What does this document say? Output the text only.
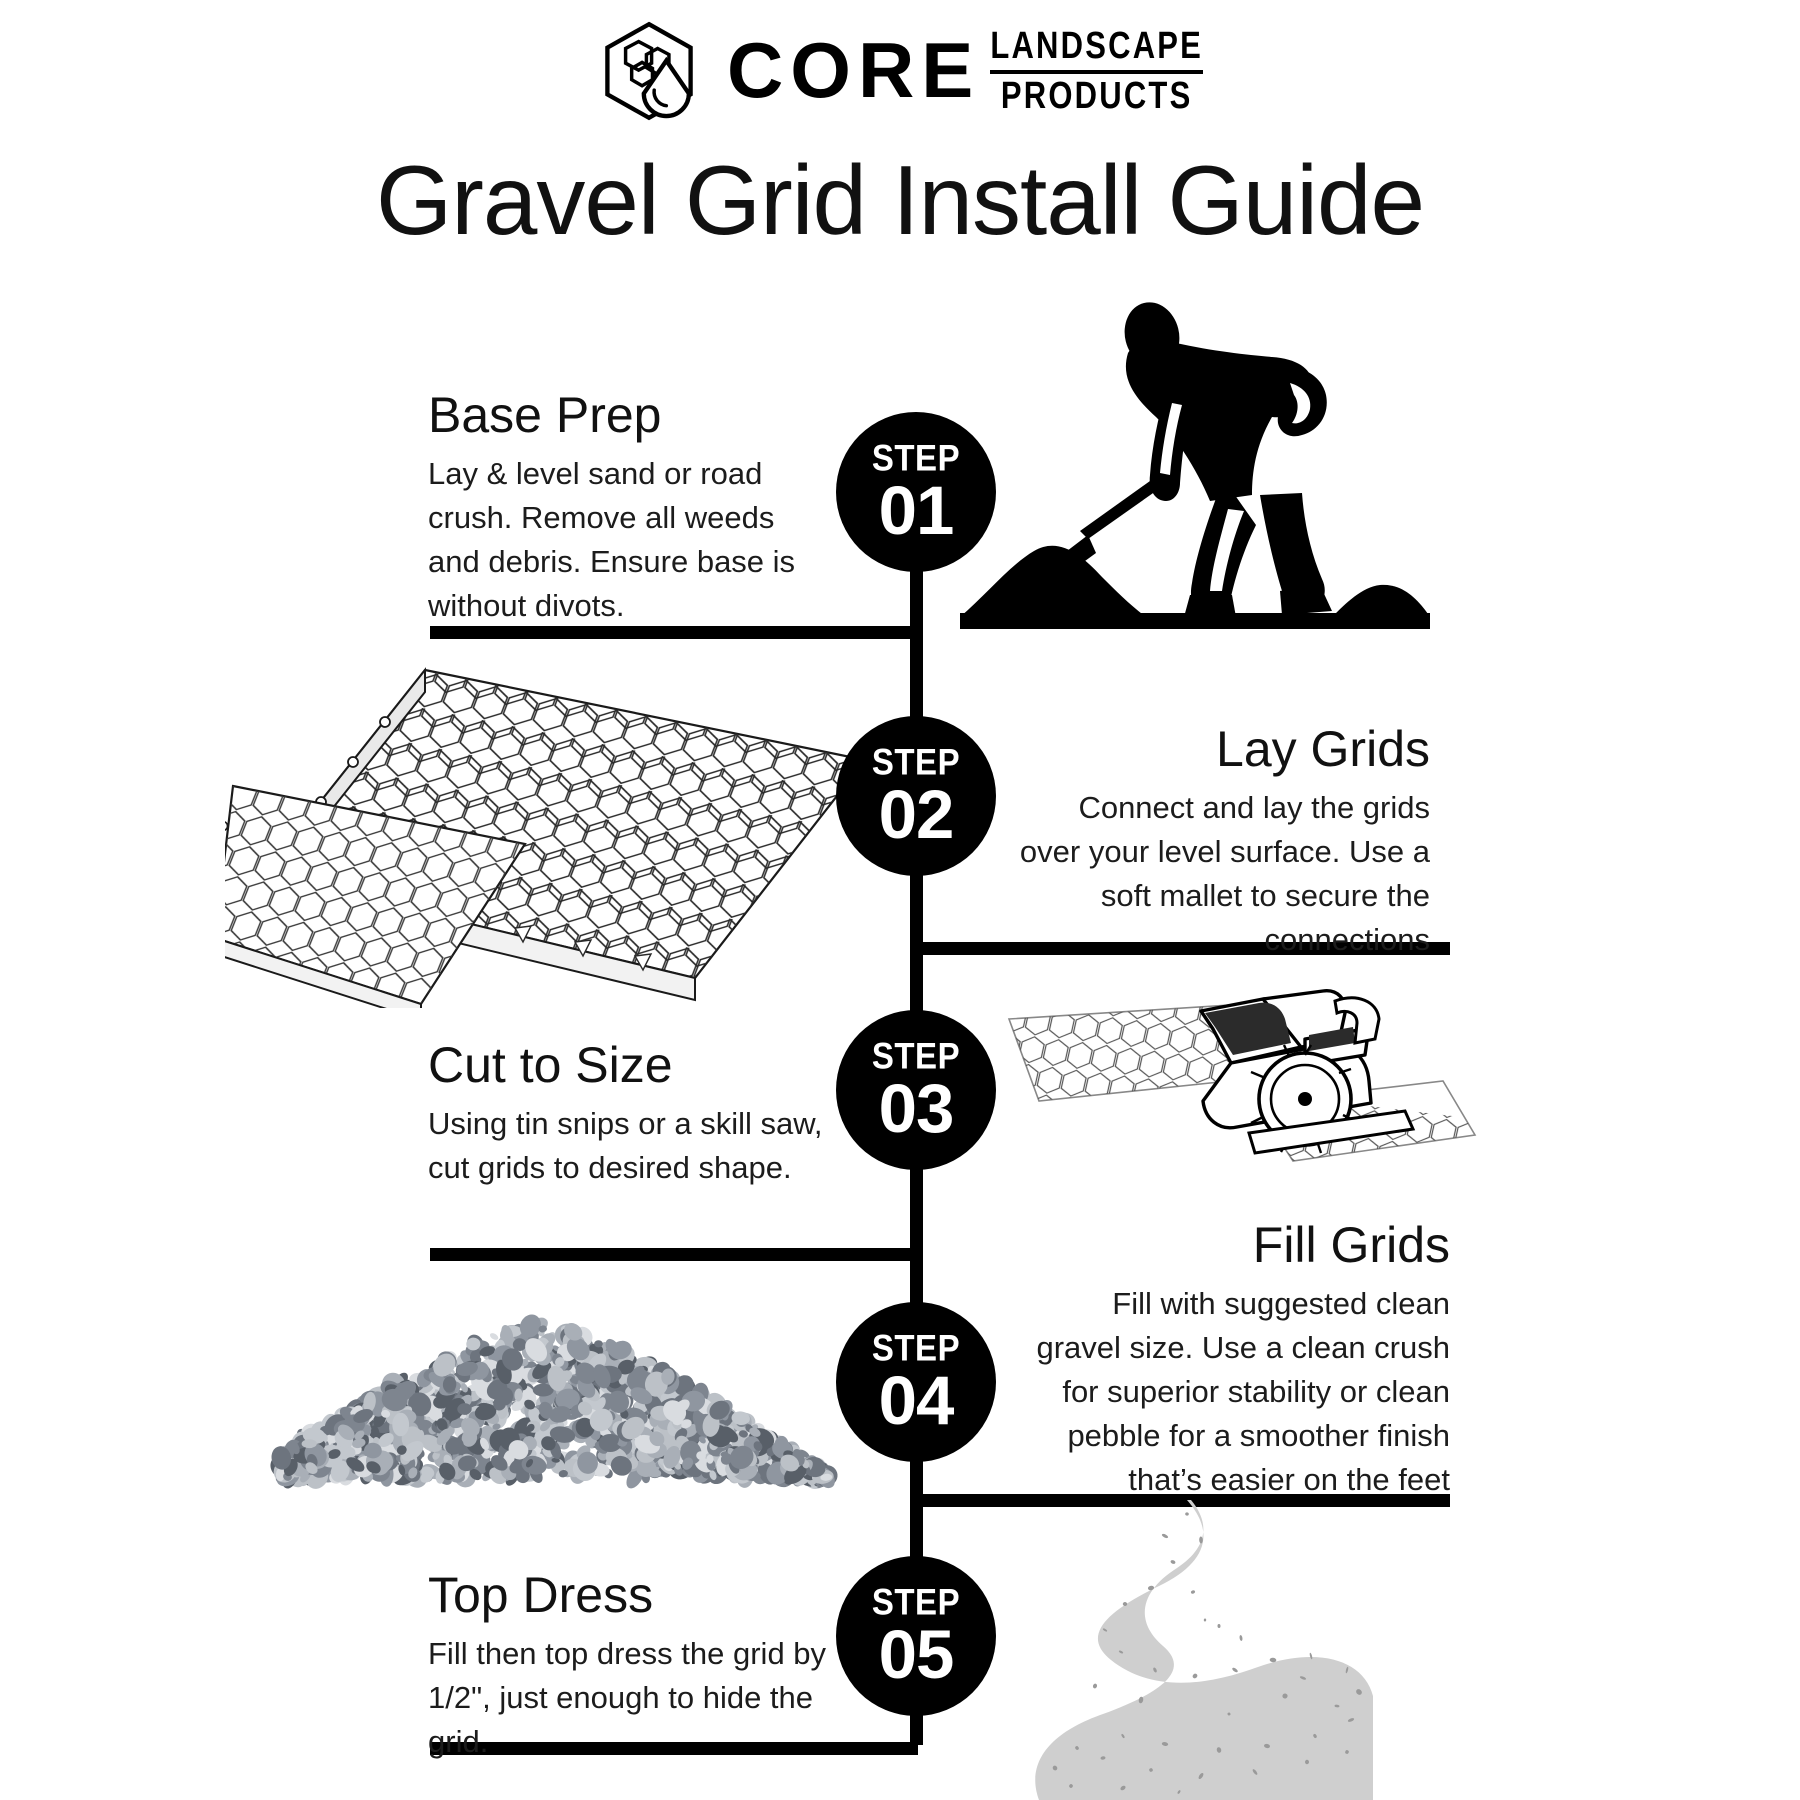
CORE LANDSCAPE
PRODUCTS
Gravel Grid Install Guide
STEP
01
Base Prep
Lay & level sand or road crush. Remove all weeds and debris. Ensure base is without divots.
STEP
02
Lay Grids
Connect and lay the grids over your level surface. Use a soft mallet to secure the connections
STEP
03
Cut to Size
Using tin snips or a skill saw, cut grids to desired shape.
STEP
04
Fill Grids
Fill with suggested clean gravel size. Use a clean crush for superior stability or clean pebble for a smoother finish that’s easier on the feet
STEP
05
Top Dress
Fill then top dress the grid by 1/2", just enough to hide the grid.
